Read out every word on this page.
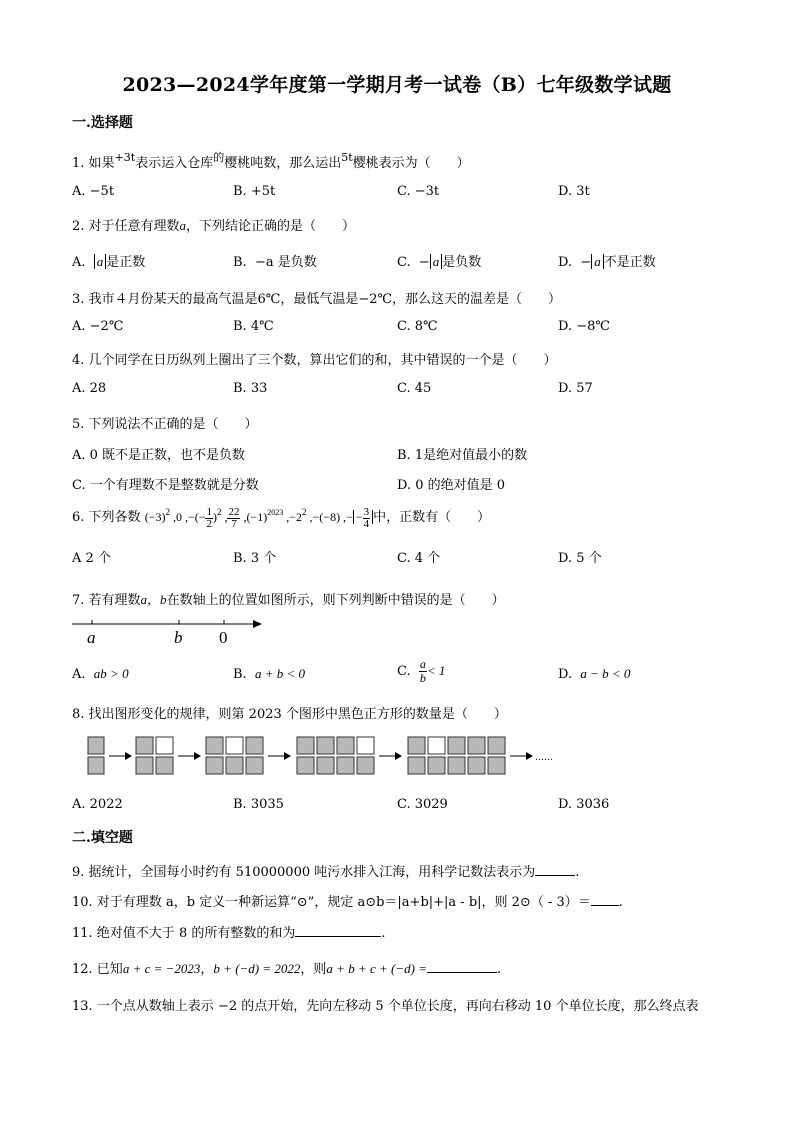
2023—2024学年度第一学期月考一试卷（B）七年级数学试题
一.选择题
1. 如果$^{+3t}$表示运入仓库$^的$樱桃吨数，那么运出$^{5t}$樱桃表示为（　　）
A. −5t	B. +5t	C. −3t	D. 3t
2. 对于任意有理数a，下列结论正确的是（　　）
A. a 是正数	B. −a 是负数	C.  − a 是负数	D.  − a 不是正数
3. 我市４月份某天的最高气温是6℃，最低气温是−2℃，那么这天的温差是（　　）
A. −2℃	B. 4℃	C. 8℃	D. −8℃
4. 几个同学在日历纵列上圈出了三个数，算出它们的和，其中错误的一个是（　　）
A. 28	B. 33	C. 45	D. 57
5. 下列说法不正确的是（　　）
A. 0 既不是正数，也不是负数	B. 1是绝对值最小的数
C. 一个有理数不是整数就是分数	D. 0 的绝对值是 0
6. 下列各数 $(-3)^2$ ,0 ,−(− $\frac{1}{2} )^2$ , $\frac{22}{7} ,(-1)^{2023}$ $,-2^2$ ,−(−8) ,− − $\frac{3}{4}$ 中，正数有（　　）
A 2 个	B. 3 个	C. 4 个	D. 5 个
7. 若有理数a，b在数轴上的位置如图所示，则下列判断中错误的是（　　）
a	b 0
A. ab > 0	B. a + b < 0	C. $\frac{a}{b} < 1$	D. a − b < 0
8. 找出图形变化的规律，则第 2023 个图形中黑色正方形的数量是（　　）
……
A. 2022	B. 3035	C. 3029	D. 3036
二.填空题
9. 据统计，全国每小时约有 510000000 吨污水排入江海，用科学记数法表示为	.
10. 对于有理数 a，b 定义一种新运算“⊙”，规定 a⊙b＝|a+b|+|a - b|，则 2⊙（ - 3）＝ .
11. 绝对值不大于 8 的所有整数的和为	.
12. 已知a + c = −2023，b + (−d) = 2022，则a + b + c + (−d) =	.
13. 一个点从数轴上表示 −2 的点开始，先向左移动 5 个单位长度，再向右移动 10 个单位长度，那么终点表
